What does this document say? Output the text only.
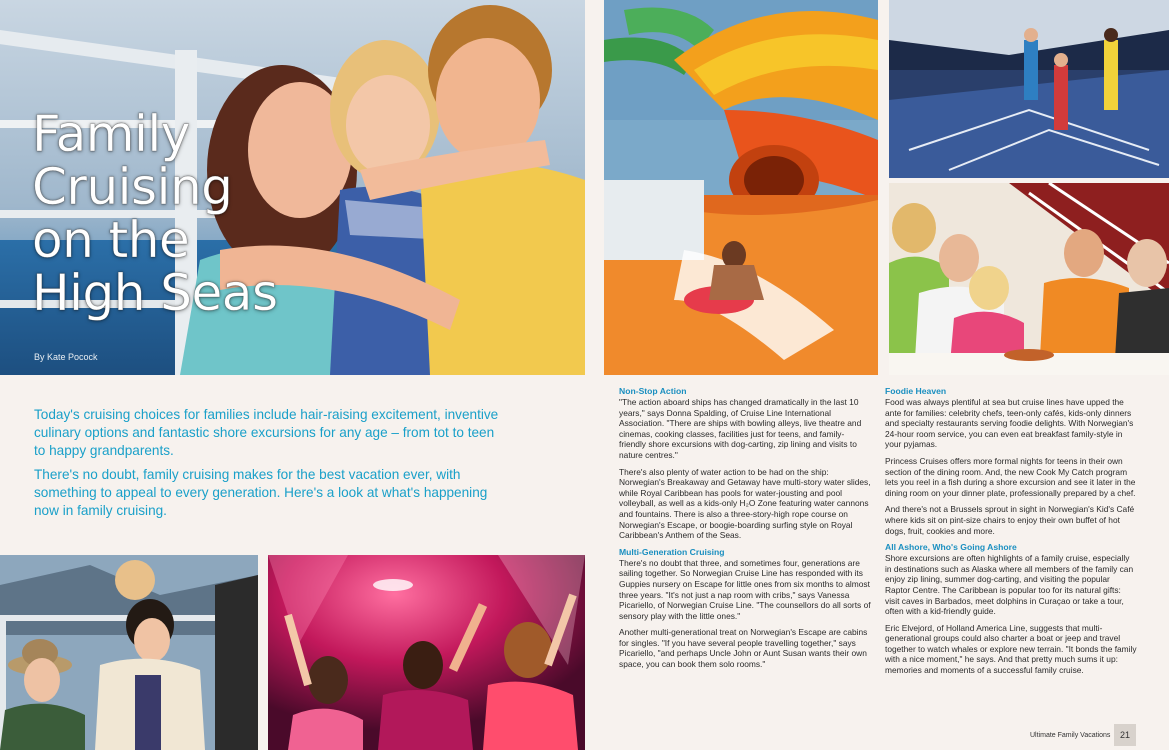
Family
Cruising
on the
High Seas
By Kate Pocock

Today's cruising choices for families include hair-raising excitement, inventive culinary options and fantastic shore excursions for any age – from tot to teen to happy grandparents.

There's no doubt, family cruising makes for the best vacation ever, with something to appeal to every generation. Here's a look at what's happening now in family cruising.

Non-Stop Action

"The action aboard ships has changed dramatically in the last 10 years," says Donna Spalding, of Cruise Line International Association. "There are ships with bowling alleys, live theatre and cinemas, cooking classes, facilities just for teens, and family-friendly shore excursions with dog-carting, zip lining and visits to nature centres."

There's also plenty of water action to be had on the ship: Norwegian's Breakaway and Getaway have multi-story water slides, while Royal Caribbean has pools for water-jousting and pool volleyball, as well as a kids-only H₂O Zone featuring water cannons and fountains. There is also a three-story-high rope course on Norwegian's Escape, or boogie-boarding surfing style on Royal Caribbean's Anthem of the Seas.

Multi-Generation Cruising

There's no doubt that three, and sometimes four, generations are sailing together. So Norwegian Cruise Line has responded with its Guppies nursery on Escape for little ones from six months to almost three years. "It's not just a nap room with cribs," says Vanessa Picariello, of Norwegian Cruise Line. "The counsellors do all sorts of sensory play with the little ones."

Another multi-generational treat on Norwegian's Escape are cabins for singles. "If you have several people travelling together," says Picariello, "and perhaps Uncle John or Aunt Susan wants their own space, you can book them solo rooms."

Foodie Heaven

Food was always plentiful at sea but cruise lines have upped the ante for families: celebrity chefs, teen-only cafés, kids-only dinners and specialty restaurants serving foodie delights. With Norwegian's 24-hour room service, you can even eat breakfast family-style in your pyjamas.

Princess Cruises offers more formal nights for teens in their own section of the dining room. And, the new Cook My Catch program lets you reel in a fish during a shore excursion and see it later in the dining room on your dinner plate, professionally prepared by a chef.

And there's not a Brussels sprout in sight in Norwegian's Kid's Café where kids sit on pint-size chairs to enjoy their own buffet of hot dogs, fruit, cookies and more.

All Ashore, Who's Going Ashore

Shore excursions are often highlights of a family cruise, especially in destinations such as Alaska where all members of the family can enjoy zip lining, summer dog-carting, and visiting the popular Raptor Centre. The Caribbean is popular too for its natural gifts: visit caves in Barbados, meet dolphins in Curaçao or take a tour, often with a kid-friendly guide.

Eric Elvejord, of Holland America Line, suggests that multi-generational groups could also charter a boat or jeep and travel together to watch whales or explore new terrain. "It bonds the family with a nice moment," he says. And that pretty much sums it up: memories and moments of a successful family cruise.

Ultimate Family Vacations	21
